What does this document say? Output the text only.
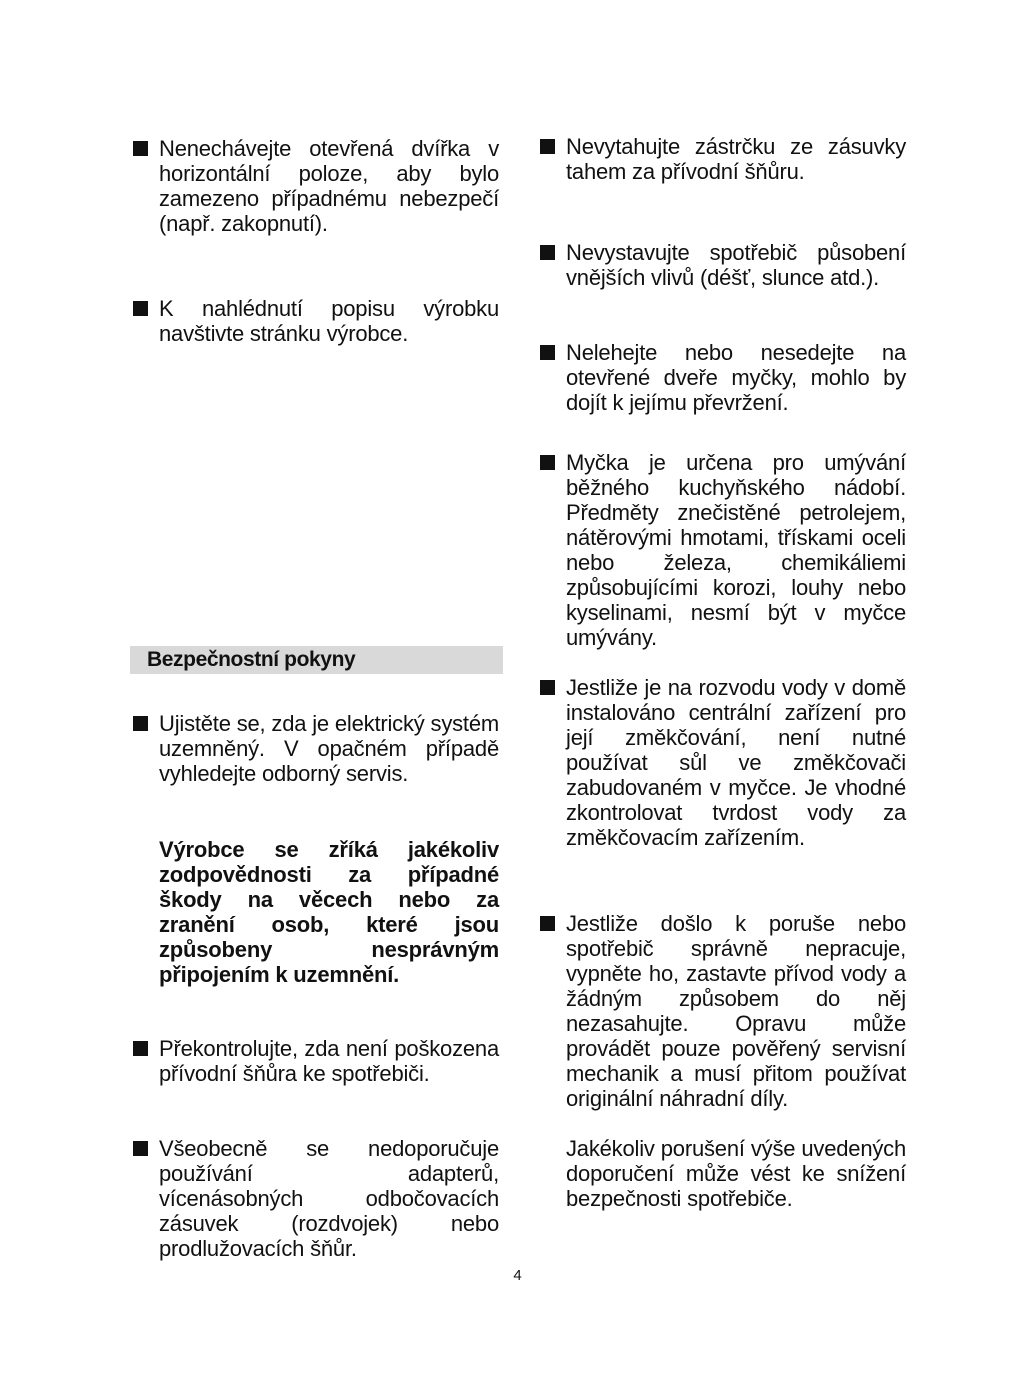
Nenechávejte otevřená dvířka v horizontální poloze, aby bylo zamezeno případnému nebezpečí (např. zakopnutí).
K nahlédnutí popisu výrobku navštivte stránku výrobce.
Bezpečnostní pokyny
Ujistěte se, zda je elektrický systém uzemněný. V opačném případě vyhledejte odborný servis.
Výrobce se zříká jakékoliv zodpovědnosti za případné škody na věcech nebo za zranění osob, které jsou způsobeny nesprávným připojením k uzemnění.
Překontrolujte, zda není poškozena přívodní šňůra ke spotřebiči.
Všeobecně se nedoporučuje používání adapterů, vícenásobných odbočovacích zásuvek (rozdvojek) nebo prodlužovacích šňůr.
Nevytahujte zástrčku ze zásuvky tahem za přívodní šňůru.
Nevystavujte spotřebič působení vnějších vlivů (déšť, slunce atd.).
Nelehejte nebo nesedejte na otevřené dveře myčky, mohlo by dojít k jejímu převržení.
Myčka je určena pro umývání běžného kuchyňského nádobí. Předměty znečistěné petrolejem, nátěrovými hmotami, třískami oceli nebo železa, chemikáliemi způsobujícími korozi, louhy nebo kyselinami, nesmí být v myčce umývány.
Jestliže je na rozvodu vody v domě instalováno centrální zařízení pro její změkčování, není nutné používat sůl ve změkčovači zabudovaném v myčce. Je vhodné zkontrolovat tvrdost vody za změkčovacím zařízením.
Jestliže došlo k poruše nebo spotřebič správně nepracuje, vypněte ho, zastavte přívod vody a žádným způsobem do něj nezasahujte. Opravu může provádět pouze pověřený servisní mechanik a musí přitom používat originální náhradní díly.
Jakékoliv porušení výše uvedených doporučení může vést ke snížení bezpečnosti spotřebiče.
4
